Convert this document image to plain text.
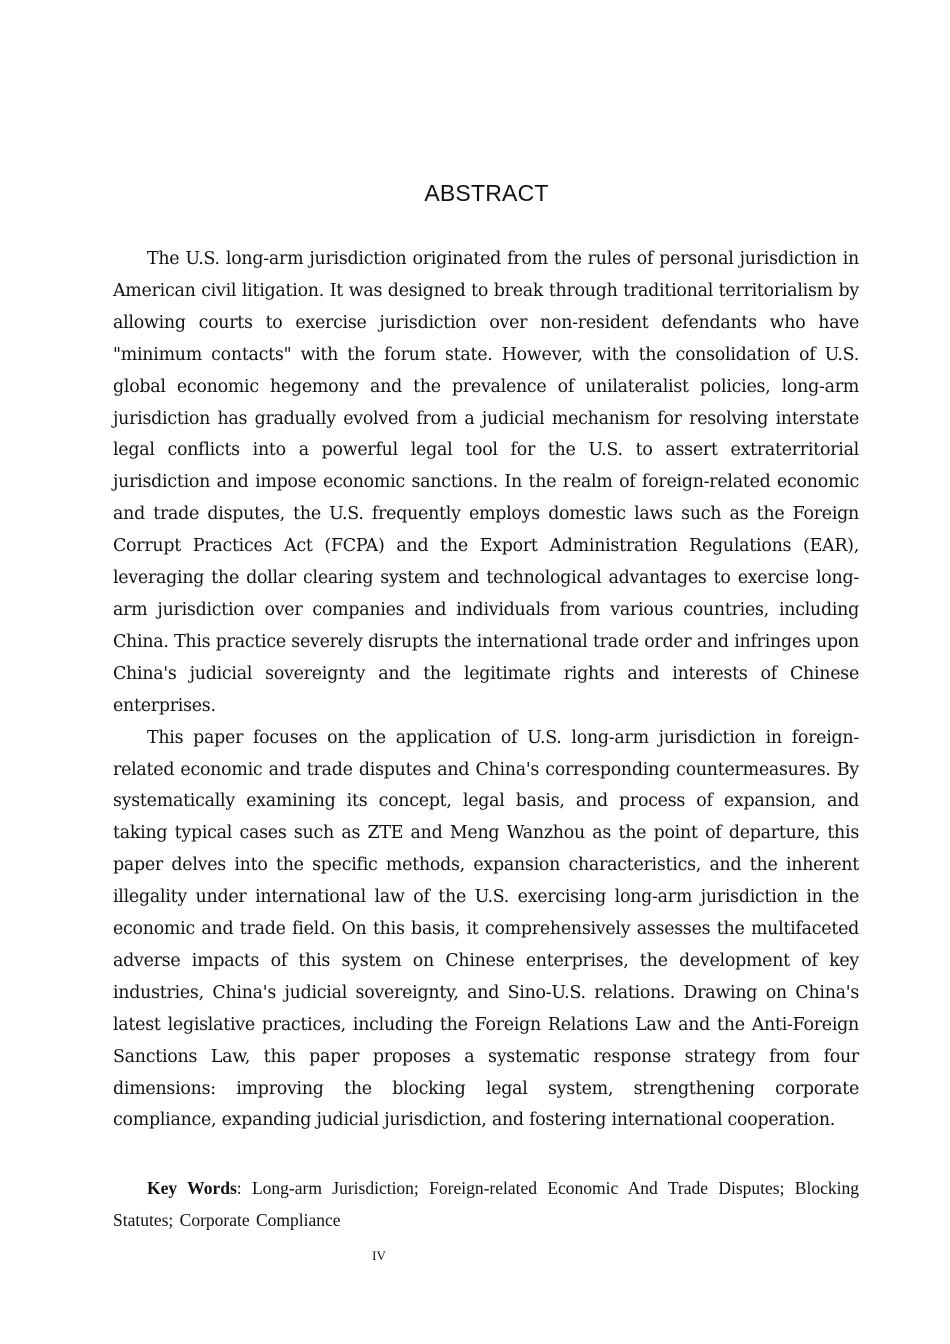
ABSTRACT

The U.S. long-arm jurisdiction originated from the rules of personal jurisdiction in American civil litigation. It was designed to break through traditional territorialism by allowing courts to exercise jurisdiction over non-resident defendants who have "minimum contacts" with the forum state. However, with the consolidation of U.S. global economic hegemony and the prevalence of unilateralist policies, long-arm jurisdiction has gradually evolved from a judicial mechanism for resolving interstate legal conflicts into a powerful legal tool for the U.S. to assert extraterritorial jurisdiction and impose economic sanctions. In the realm of foreign-related economic and trade disputes, the U.S. frequently employs domestic laws such as the Foreign Corrupt Practices Act (FCPA) and the Export Administration Regulations (EAR), leveraging the dollar clearing system and technological advantages to exercise long-arm jurisdiction over companies and individuals from various countries, including China. This practice severely disrupts the international trade order and infringes upon China's judicial sovereignty and the legitimate rights and interests of Chinese enterprises.

This paper focuses on the application of U.S. long-arm jurisdiction in foreign-related economic and trade disputes and China's corresponding countermeasures. By systematically examining its concept, legal basis, and process of expansion, and taking typical cases such as ZTE and Meng Wanzhou as the point of departure, this paper delves into the specific methods, expansion characteristics, and the inherent illegality under international law of the U.S. exercising long-arm jurisdiction in the economic and trade field. On this basis, it comprehensively assesses the multifaceted adverse impacts of this system on Chinese enterprises, the development of key industries, China's judicial sovereignty, and Sino-U.S. relations. Drawing on China's latest legislative practices, including the Foreign Relations Law and the Anti-Foreign Sanctions Law, this paper proposes a systematic response strategy from four dimensions: improving the blocking legal system, strengthening corporate compliance, expanding judicial jurisdiction, and fostering international cooperation.

Key Words: Long-arm Jurisdiction; Foreign-related Economic And Trade Disputes; Blocking Statutes; Corporate Compliance
IV
